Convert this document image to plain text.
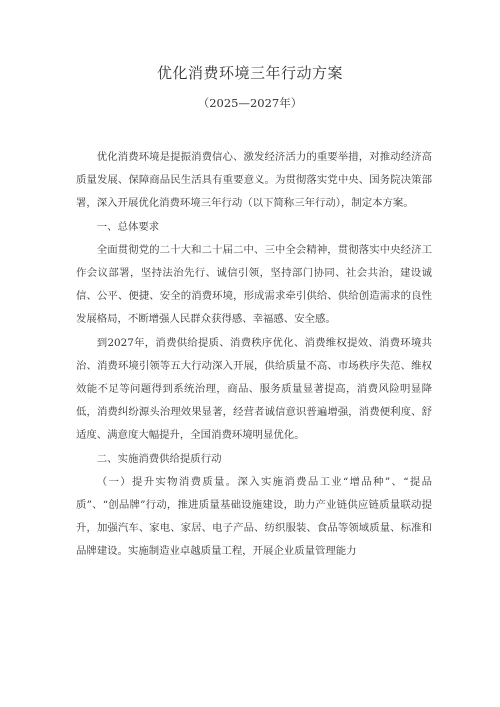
优化消费环境三年行动方案
（2025—2027年）

优化消费环境是提振消费信心、激发经济活力的重要举措，对推动经济高质量发展、保障商品民生活具有重要意义。为贯彻落实党中央、国务院决策部署，深入开展优化消费环境三年行动（以下简称三年行动），制定本方案。

一、总体要求

全面贯彻党的二十大和二十届二中、三中全会精神，贯彻落实中央经济工作会议部署，坚持法治先行、诚信引领，坚持部门协同、社会共治，建设诚信、公平、便捷、安全的消费环境，形成需求牵引供给、供给创造需求的良性发展格局，不断增强人民群众获得感、幸福感、安全感。

到2027年，消费供给提质、消费秩序优化、消费维权提效、消费环境共治、消费环境引领等五大行动深入开展，供给质量不高、市场秩序失范、维权效能不足等问题得到系统治理，商品、服务质量显著提高，消费风险明显降低，消费纠纷源头治理效果显著，经营者诚信意识普遍增强，消费便利度、舒适度、满意度大幅提升，全国消费环境明显优化。

二、实施消费供给提质行动

（一）提升实物消费质量。深入实施消费品工业“增品种”、“提品质”、“创品牌”行动，推进质量基础设施建设，助力产业链供应链质量联动提升，加强汽车、家电、家居、电子产品、纺织服装、食品等领域质量、标准和品牌建设。实施制造业卓越质量工程，开展企业质量管理能力
